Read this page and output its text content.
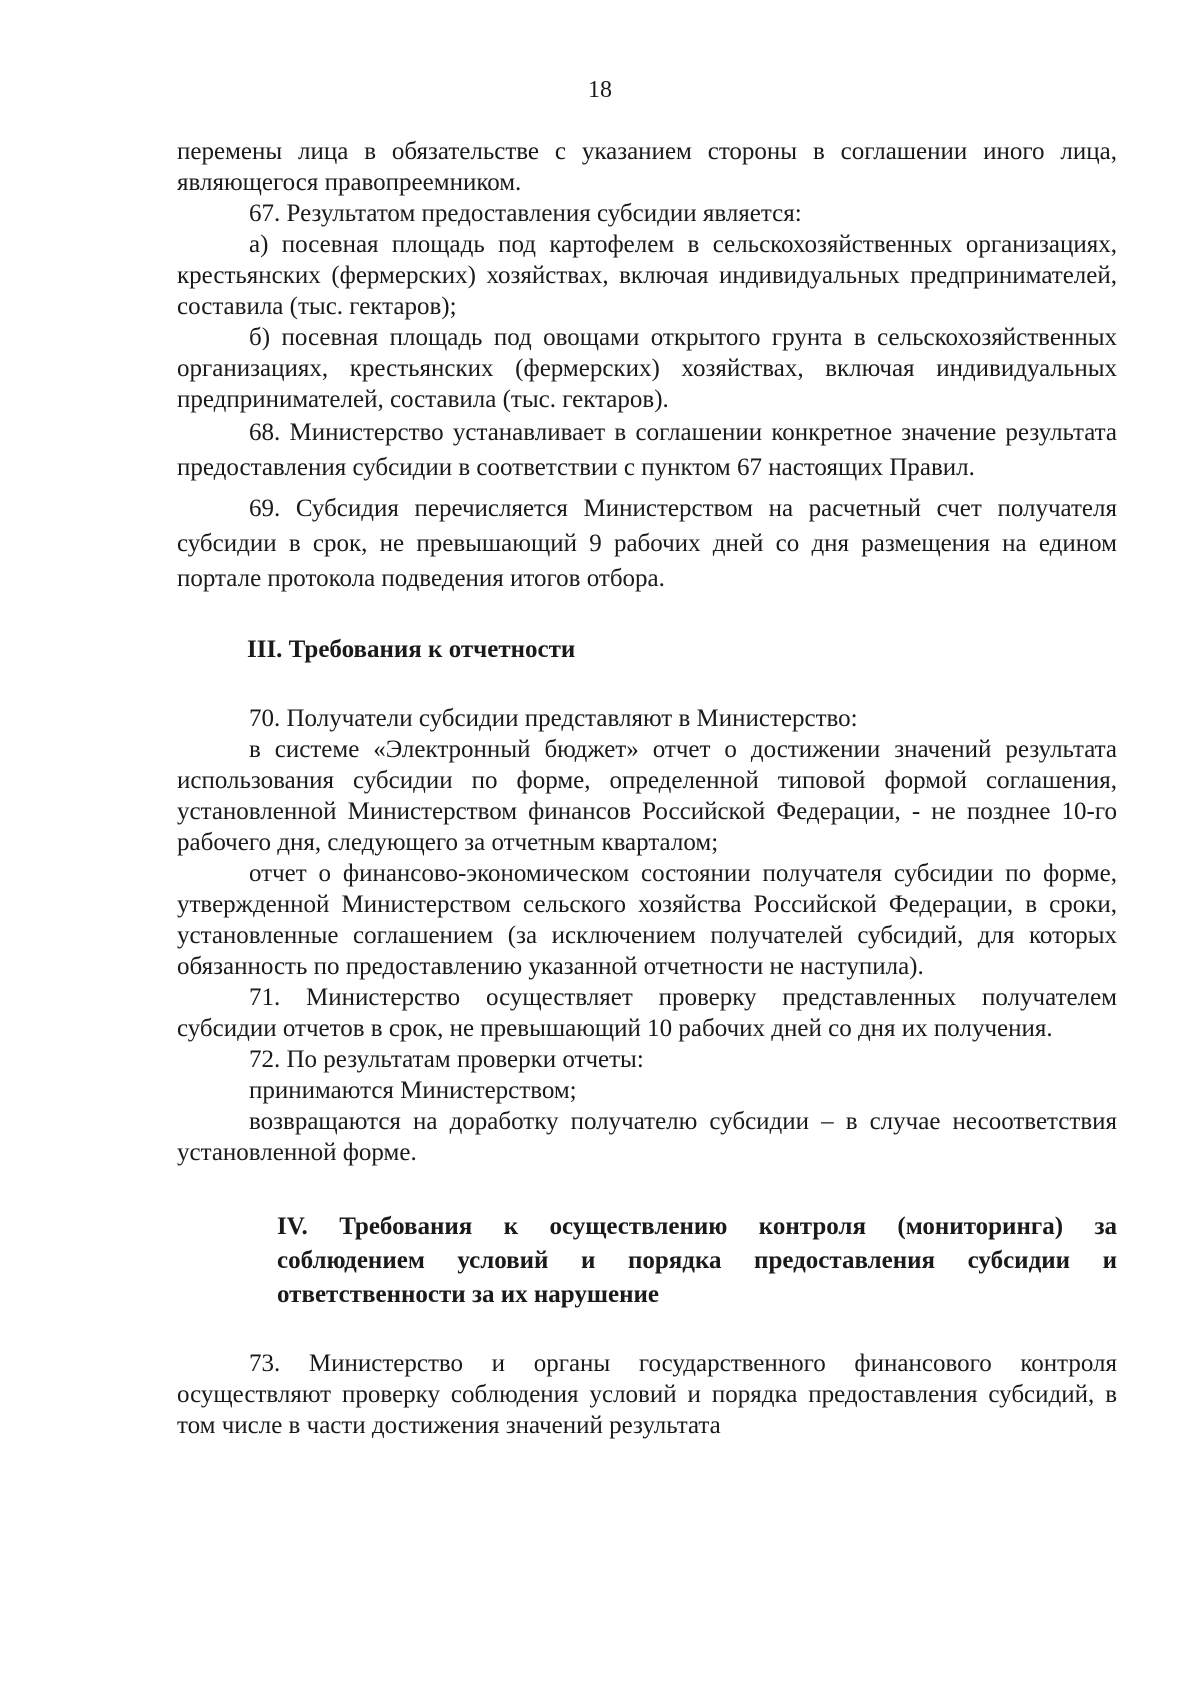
18

перемены лица в обязательстве с указанием стороны в соглашении иного лица, являющегося правопреемником.

67. Результатом предоставления субсидии является:

а) посевная площадь под картофелем в сельскохозяйственных организациях, крестьянских (фермерских) хозяйствах, включая индивидуальных предпринимателей, составила (тыс. гектаров);

б) посевная площадь под овощами открытого грунта в сельскохозяйственных организациях, крестьянских (фермерских) хозяйствах, включая индивидуальных предпринимателей, составила (тыс. гектаров).

68. Министерство устанавливает в соглашении конкретное значение результата предоставления субсидии в соответствии с пунктом 67 настоящих Правил.

69. Субсидия перечисляется Министерством на расчетный счет получателя субсидии в срок, не превышающий 9 рабочих дней со дня размещения на едином портале протокола подведения итогов отбора.

III. Требования к отчетности

70. Получатели субсидии представляют в Министерство:

в системе «Электронный бюджет» отчет о достижении значений результата использования субсидии по форме, определенной типовой формой соглашения, установленной Министерством финансов Российской Федерации, - не позднее 10-го рабочего дня, следующего за отчетным кварталом;

отчет о финансово-экономическом состоянии получателя субсидии по форме, утвержденной Министерством сельского хозяйства Российской Федерации, в сроки, установленные соглашением (за исключением получателей субсидий, для которых обязанность по предоставлению указанной отчетности не наступила).

71. Министерство осуществляет проверку представленных получателем субсидии отчетов в срок, не превышающий 10 рабочих дней со дня их получения.

72. По результатам проверки отчеты:

принимаются Министерством;

возвращаются на доработку получателю субсидии – в случае несоответствия установленной форме.

IV. Требования к осуществлению контроля (мониторинга) за соблюдением условий и порядка предоставления субсидии и ответственности за их нарушение

73. Министерство и органы государственного финансового контроля осуществляют проверку соблюдения условий и порядка предоставления субсидий, в том числе в части достижения значений результата
